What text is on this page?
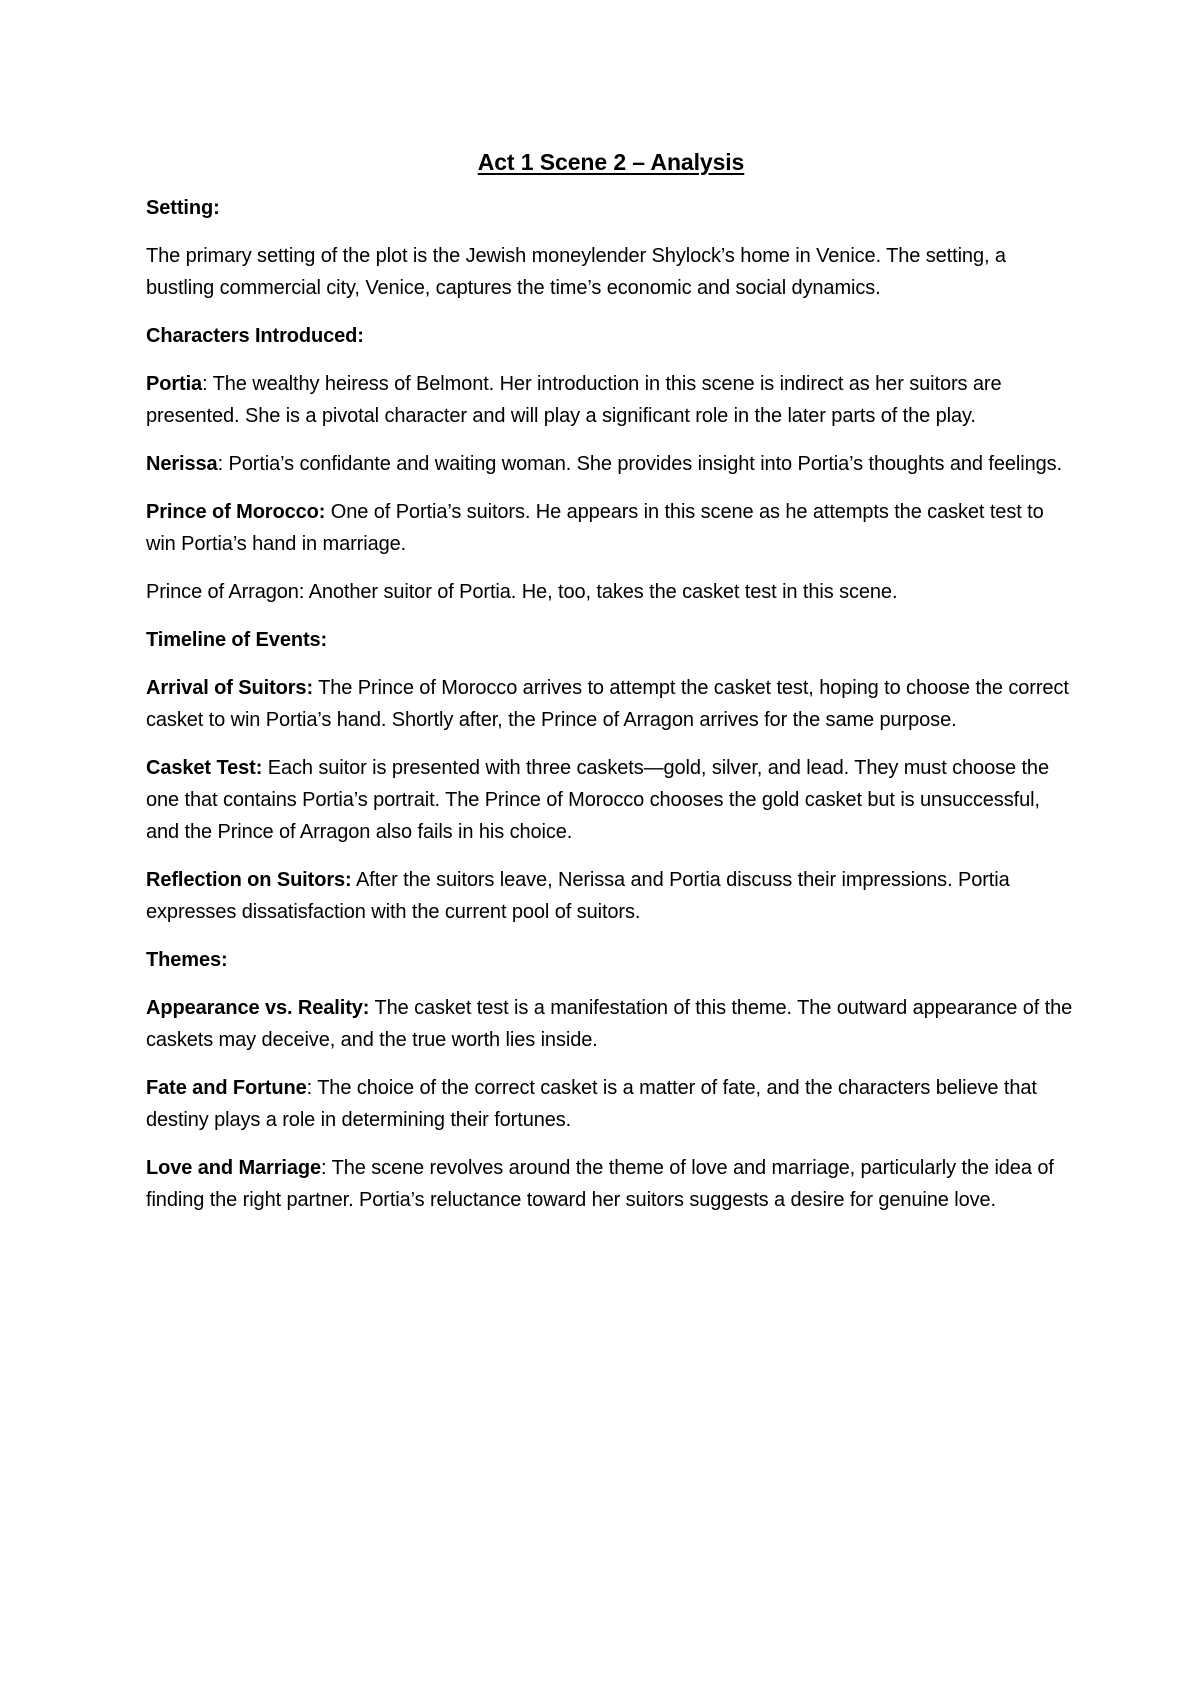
Act 1 Scene 2 – Analysis
Setting:

The primary setting of the plot is the Jewish moneylender Shylock’s home in Venice. The setting, a bustling commercial city, Venice, captures the time’s economic and social dynamics.

Characters Introduced:

Portia: The wealthy heiress of Belmont. Her introduction in this scene is indirect as her suitors are presented. She is a pivotal character and will play a significant role in the later parts of the play.

Nerissa: Portia’s confidante and waiting woman. She provides insight into Portia’s thoughts and feelings.

Prince of Morocco: One of Portia’s suitors. He appears in this scene as he attempts the casket test to win Portia’s hand in marriage.

Prince of Arragon: Another suitor of Portia. He, too, takes the casket test in this scene.

Timeline of Events:

Arrival of Suitors: The Prince of Morocco arrives to attempt the casket test, hoping to choose the correct casket to win Portia’s hand. Shortly after, the Prince of Arragon arrives for the same purpose.

Casket Test: Each suitor is presented with three caskets—gold, silver, and lead. They must choose the one that contains Portia’s portrait. The Prince of Morocco chooses the gold casket but is unsuccessful, and the Prince of Arragon also fails in his choice.

Reflection on Suitors: After the suitors leave, Nerissa and Portia discuss their impressions. Portia expresses dissatisfaction with the current pool of suitors.

Themes:

Appearance vs. Reality: The casket test is a manifestation of this theme. The outward appearance of the caskets may deceive, and the true worth lies inside.

Fate and Fortune: The choice of the correct casket is a matter of fate, and the characters believe that destiny plays a role in determining their fortunes.

Love and Marriage: The scene revolves around the theme of love and marriage, particularly the idea of finding the right partner. Portia’s reluctance toward her suitors suggests a desire for genuine love.
